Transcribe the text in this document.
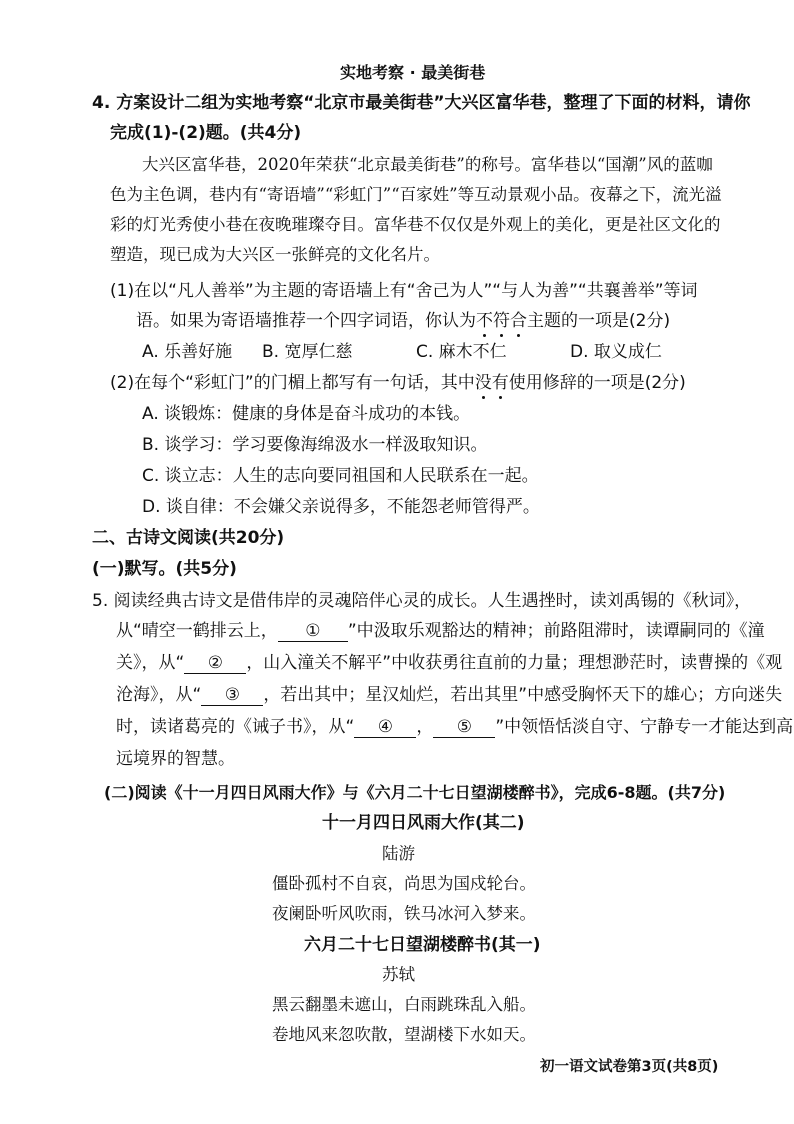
实地考察 · 最美街巷
4. 方案设计二组为实地考察“北京市最美街巷”大兴区富华巷，整理了下面的材料，请你
完成(1)-(2)题。(共4分)
大兴区富华巷，2020年荣获“北京最美街巷”的称号。富华巷以“国潮”风的蓝咖
色为主色调，巷内有“寄语墙”“彩虹门”“百家姓”等互动景观小品。夜幕之下，流光溢
彩的灯光秀使小巷在夜晚璀璨夺目。富华巷不仅仅是外观上的美化，更是社区文化的
塑造，现已成为大兴区一张鲜亮的文化名片。
(1)在以“凡人善举”为主题的寄语墙上有“舍己为人”“与人为善”“共襄善举”等词
语。如果为寄语墙推荐一个四字词语，你认为不符合主题的一项是(2分)
A. 乐善好施 B. 宽厚仁慈	C. 麻木不仁	D. 取义成仁
(2)在每个“彩虹门”的门楣上都写有一句话，其中没有使用修辞的一项是(2分)
A. 谈锻炼：健康的身体是奋斗成功的本钱。
B. 谈学习：学习要像海绵汲水一样汲取知识。
C. 谈立志：人生的志向要同祖国和人民联系在一起。
D. 谈自律：不会嫌父亲说得多，不能怨老师管得严。
二、古诗文阅读(共20分)
(一)默写。(共5分)
5. 阅读经典古诗文是借伟岸的灵魂陪伴心灵的成长。人生遇挫时，读刘禹锡的《秋词》，
从“晴空一鹤排云上， ① ”中汲取乐观豁达的精神；前路阻滞时，读谭嗣同的《潼
关》，从“ ② ，山入潼关不解平”中收获勇往直前的力量；理想渺茫时，读曹操的《观
沧海》，从“ ③ ，若出其中；星汉灿烂，若出其里”中感受胸怀天下的雄心；方向迷失
时，读诸葛亮的《诫子书》，从“ ④ ， ⑤ ”中领悟恬淡自守、宁静专一才能达到高
远境界的智慧。
(二)阅读《十一月四日风雨大作》与《六月二十七日望湖楼醉书》，完成6-8题。(共7分)
十一月四日风雨大作(其二)
陆游
僵卧孤村不自哀，尚思为国戍轮台。
夜阑卧听风吹雨，铁马冰河入梦来。
六月二十七日望湖楼醉书(其一)
苏轼
黑云翻墨未遮山，白雨跳珠乱入船。
卷地风来忽吹散，望湖楼下水如天。
初一语文试卷第3页(共8页)
